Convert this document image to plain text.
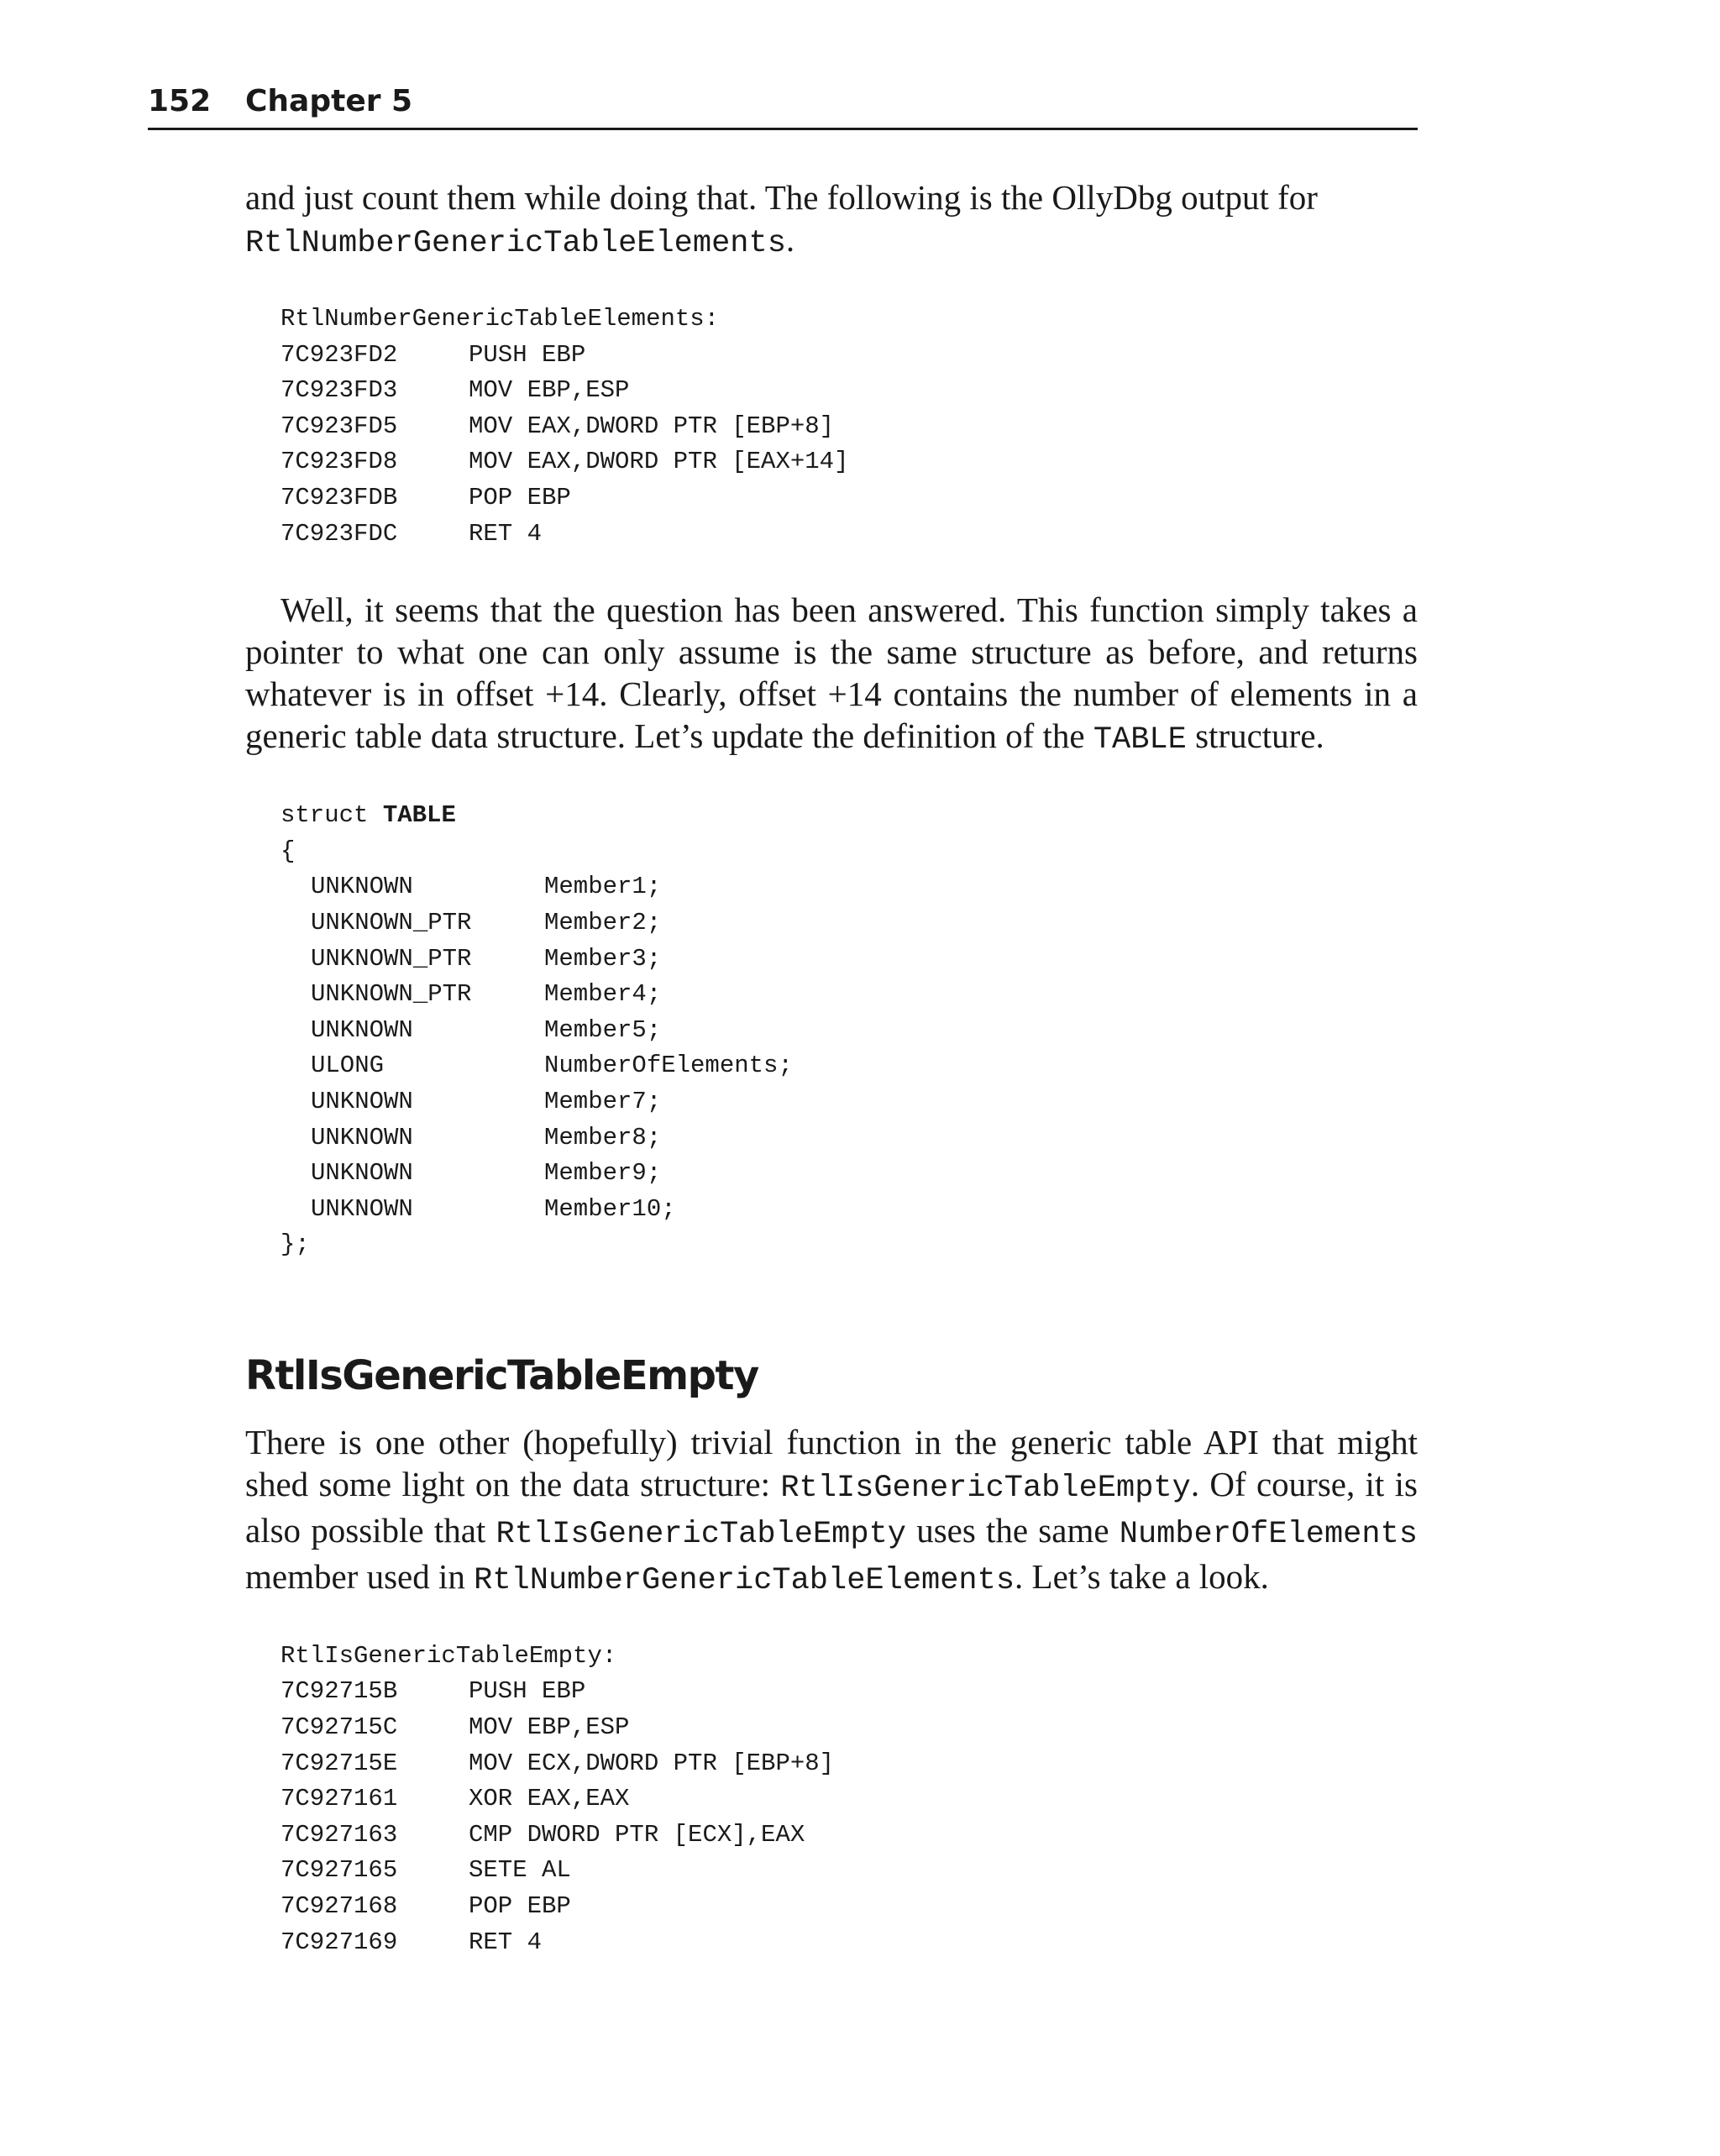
152 Chapter 5

and just count them while doing that. The following is the OllyDbg output for
RtlNumberGenericTableElements.

RtlNumberGenericTableElements:
7C923FD2	PUSH EBP
7C923FD3	MOV EBP,ESP
7C923FD5	MOV EAX,DWORD PTR [EBP+8]
7C923FD8	MOV EAX,DWORD PTR [EAX+14]
7C923FDB	POP EBP
7C923FDC	RET 4

Well, it seems that the question has been answered. This function simply takes a pointer to what one can only assume is the same structure as before, and returns whatever is in offset +14. Clearly, offset +14 contains the number of elements in a generic table data structure. Let’s update the definition of the TABLE structure.

struct TABLE
{
UNKNOWN	Member1;
UNKNOWN_PTR	Member2;
UNKNOWN_PTR	Member3;
UNKNOWN_PTR	Member4;
UNKNOWN	Member5;
ULONG	NumberOfElements;
UNKNOWN	Member7;
UNKNOWN	Member8;
UNKNOWN	Member9;
UNKNOWN	Member10;
};
RtlIsGenericTableEmpty

There is one other (hopefully) trivial function in the generic table API that might shed some light on the data structure: RtlIsGenericTableEmpty. Of course, it is also possible that RtlIsGenericTableEmpty uses the same NumberOfElements member used in RtlNumberGenericTableElements. Let’s take a look.

RtlIsGenericTableEmpty:
7C92715B	PUSH EBP
7C92715C	MOV EBP,ESP
7C92715E	MOV ECX,DWORD PTR [EBP+8]
7C927161	XOR EAX,EAX
7C927163	CMP DWORD PTR [ECX],EAX
7C927165	SETE AL
7C927168	POP EBP
7C927169	RET 4
